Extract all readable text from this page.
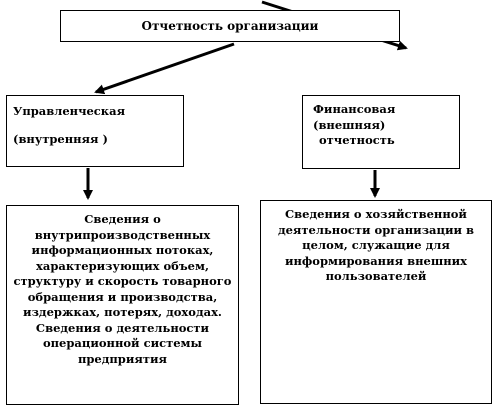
Отчетность организации
Управленческая
(внутренняя )
Финансовая
(внешняя)
отчетность
Сведения о
внутрипроизводственных
информационных потоках,
характеризующих объем,
структуру и скорость товарного
обращения и производства,
издержках, потерях, доходах.
Сведения о деятельности
операционной системы
предприятия
Сведения о хозяйственной
деятельности организации в
целом, служащие для
информирования внешних
пользователей
